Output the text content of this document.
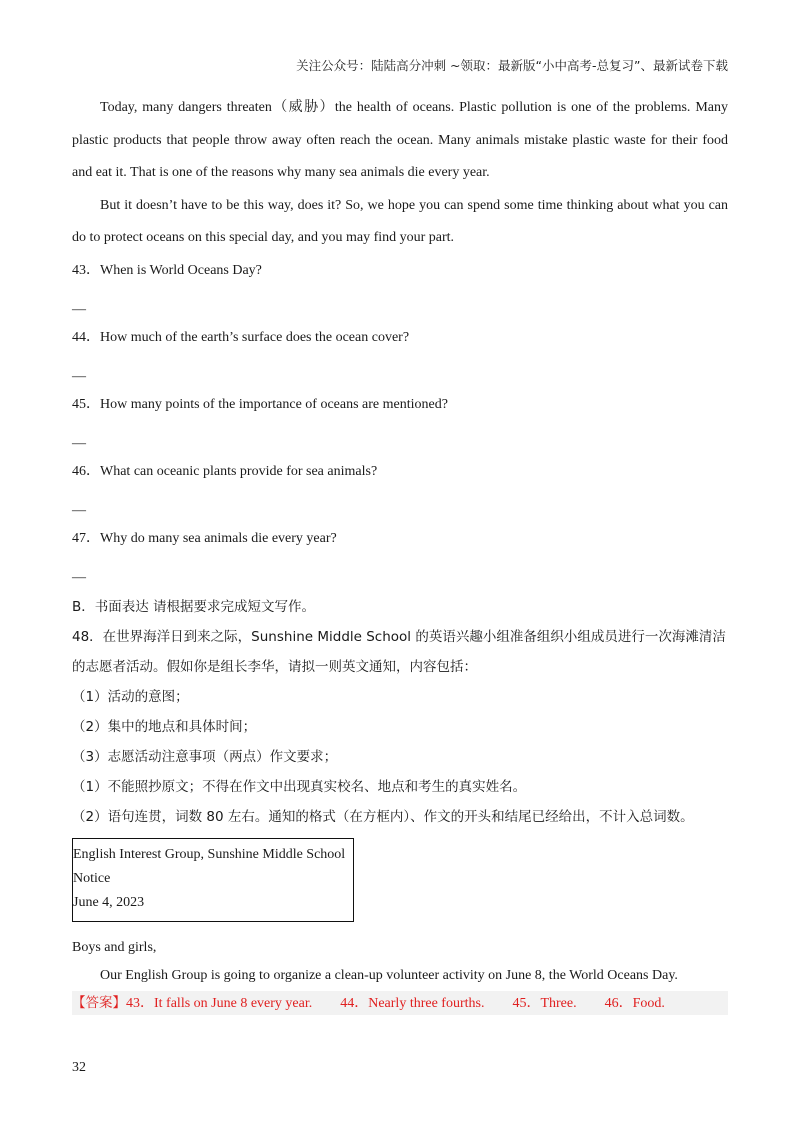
关注公众号：陆陆高分冲刺 ~领取：最新版“小中高考-总复习”、最新试卷下载

Today, many dangers threaten（威胁）the health of oceans. Plastic pollution is one of the problems. Many plastic products that people throw away often reach the ocean. Many animals mistake plastic waste for their food and eat it. That is one of the reasons why many sea animals die every year.

But it doesn’t have to be this way, does it? So, we hope you can spend some time thinking about what you can do to protect oceans on this special day, and you may find your part.

43．When is World Oceans Day?

—

44．How much of the earth’s surface does the ocean cover?

—

45．How many points of the importance of oceans are mentioned?

—

46．What can oceanic plants provide for sea animals?

—

47．Why do many sea animals die every year?

—

B．书面表达 请根据要求完成短文写作。

48．在世界海洋日到来之际，Sunshine Middle School 的英语兴趣小组准备组织小组成员进行一次海滩清洁的志愿者活动。假如你是组长李华，请拟一则英文通知，内容包括：

（1）活动的意图；

（2）集中的地点和具体时间；

（3）志愿活动注意事项（两点）作文要求；

（1）不能照抄原文；不得在作文中出现真实校名、地点和考生的真实姓名。

（2）语句连贯，词数 80 左右。通知的格式（在方框内）、作文的开头和结尾已经给出，不计入总词数。

English Interest Group, Sunshine Middle School
Notice
June 4, 2023

Boys and girls,

Our English Group is going to organize a clean-up volunteer activity on June 8, the World Oceans Day.

【答案】43．It falls on June 8 every year. 44．Nearly three fourths. 45．Three. 46．Food.
32
